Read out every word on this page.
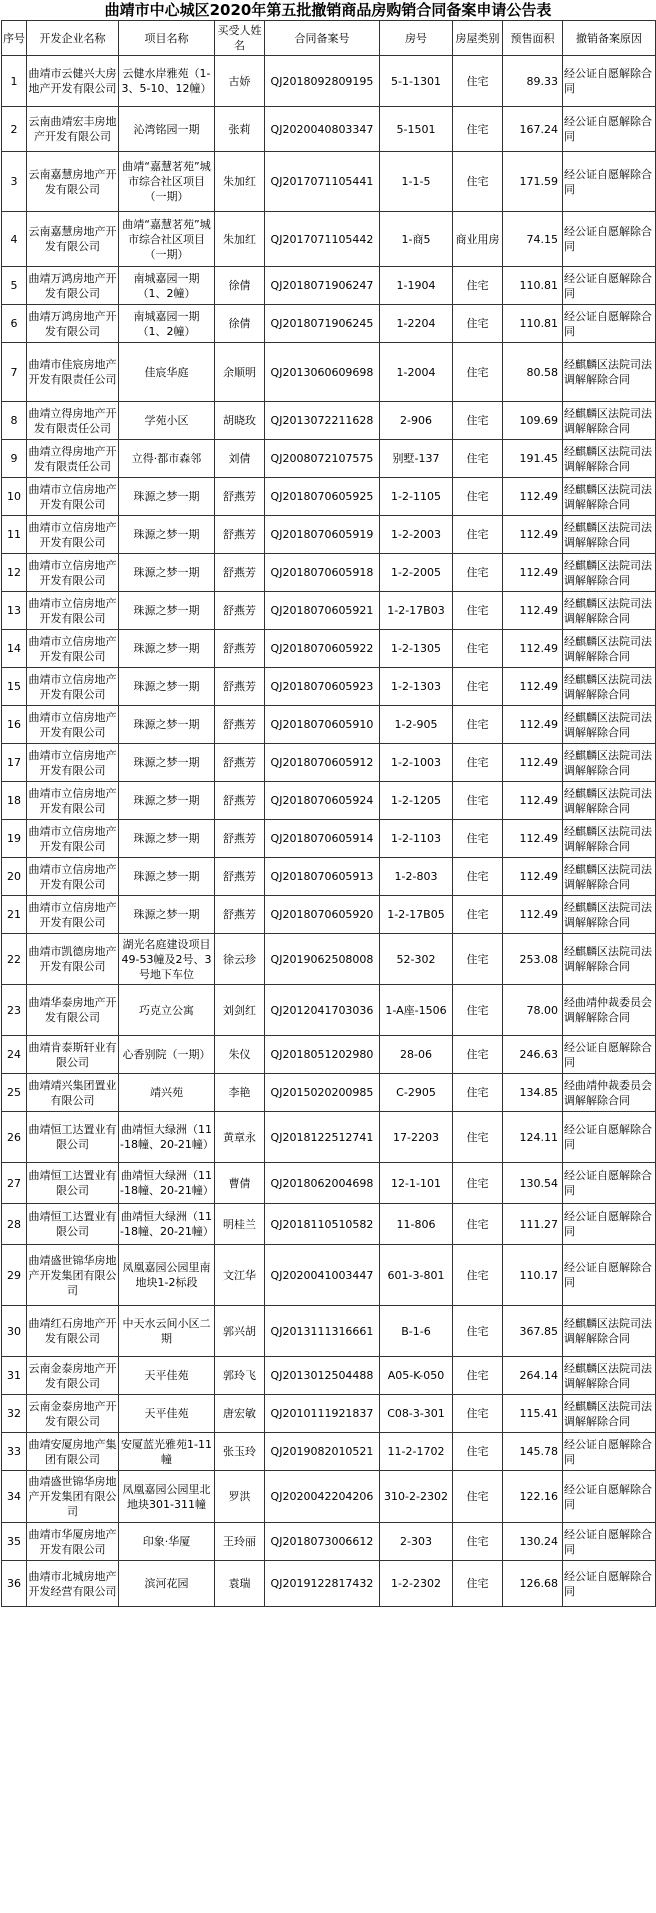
曲靖市中心城区2020年第五批撤销商品房购销合同备案申请公告表
序号	开发企业名称	项目名称	买受人姓名	合同备案号	房号	房屋类别	预售面积	撤销备案原因
1	曲靖市云健兴大房地产开发有限公司	云健水岸雅苑（1-3、5-10、12幢）	古娇	QJ2018092809195	5-1-1301	住宅	89.33	经公证自愿解除合同
2	云南曲靖宏丰房地产开发有限公司	沁湾铭园一期	张莉	QJ2020040803347	5-1501	住宅	167.24	经公证自愿解除合同
3	云南嘉慧房地产开发有限公司	曲靖“嘉慧茗苑”城市综合社区项目（一期）	朱加红	QJ2017071105441	1-1-5	住宅	171.59	经公证自愿解除合同
4	云南嘉慧房地产开发有限公司	曲靖“嘉慧茗苑”城市综合社区项目（一期）	朱加红	QJ2017071105442	1-商5	商业用房	74.15	经公证自愿解除合同
5	曲靖万鸿房地产开发有限公司	南城嘉园一期（1、2幢）	徐倩	QJ2018071906247	1-1904	住宅	110.81	经公证自愿解除合同
6	曲靖万鸿房地产开发有限公司	南城嘉园一期（1、2幢）	徐倩	QJ2018071906245	1-2204	住宅	110.81	经公证自愿解除合同
7	曲靖市佳宸房地产开发有限责任公司	佳宸华庭	余顺明	QJ2013060609698	1-2004	住宅	80.58	经麒麟区法院司法调解解除合同
8	曲靖立得房地产开发有限责任公司	学苑小区	胡晓玫	QJ2013072211628	2-906	住宅	109.69	经麒麟区法院司法调解解除合同
9	曲靖立得房地产开发有限责任公司	立得·都市森邻	刘倩	QJ2008072107575	别墅-137	住宅	191.45	经麒麟区法院司法调解解除合同
10	曲靖市立信房地产开发有限公司	珠源之梦一期	舒燕芳	QJ2018070605925	1-2-1105	住宅	112.49	经麒麟区法院司法调解解除合同
11	曲靖市立信房地产开发有限公司	珠源之梦一期	舒燕芳	QJ2018070605919	1-2-2003	住宅	112.49	经麒麟区法院司法调解解除合同
12	曲靖市立信房地产开发有限公司	珠源之梦一期	舒燕芳	QJ2018070605918	1-2-2005	住宅	112.49	经麒麟区法院司法调解解除合同
13	曲靖市立信房地产开发有限公司	珠源之梦一期	舒燕芳	QJ2018070605921	1-2-17B03	住宅	112.49	经麒麟区法院司法调解解除合同
14	曲靖市立信房地产开发有限公司	珠源之梦一期	舒燕芳	QJ2018070605922	1-2-1305	住宅	112.49	经麒麟区法院司法调解解除合同
15	曲靖市立信房地产开发有限公司	珠源之梦一期	舒燕芳	QJ2018070605923	1-2-1303	住宅	112.49	经麒麟区法院司法调解解除合同
16	曲靖市立信房地产开发有限公司	珠源之梦一期	舒燕芳	QJ2018070605910	1-2-905	住宅	112.49	经麒麟区法院司法调解解除合同
17	曲靖市立信房地产开发有限公司	珠源之梦一期	舒燕芳	QJ2018070605912	1-2-1003	住宅	112.49	经麒麟区法院司法调解解除合同
18	曲靖市立信房地产开发有限公司	珠源之梦一期	舒燕芳	QJ2018070605924	1-2-1205	住宅	112.49	经麒麟区法院司法调解解除合同
19	曲靖市立信房地产开发有限公司	珠源之梦一期	舒燕芳	QJ2018070605914	1-2-1103	住宅	112.49	经麒麟区法院司法调解解除合同
20	曲靖市立信房地产开发有限公司	珠源之梦一期	舒燕芳	QJ2018070605913	1-2-803	住宅	112.49	经麒麟区法院司法调解解除合同
21	曲靖市立信房地产开发有限公司	珠源之梦一期	舒燕芳	QJ2018070605920	1-2-17B05	住宅	112.49	经麒麟区法院司法调解解除合同
22	曲靖市凯德房地产开发有限公司	湖光名庭建设项目49-53幢及2号、3号地下车位	徐云珍	QJ2019062508008	52-302	住宅	253.08	经麒麟区法院司法调解解除合同
23	曲靖华泰房地产开发有限公司	巧克立公寓	刘剑红	QJ2012041703036	1-A座-1506	住宅	78.00	经曲靖仲裁委员会调解解除合同
24	曲靖肯泰斯轩业有限公司	心香别院（一期）	朱仪	QJ2018051202980	28-06	住宅	246.63	经公证自愿解除合同
25	曲靖靖兴集团置业有限公司	靖兴苑	李艳	QJ2015020200985	C-2905	住宅	134.85	经曲靖仲裁委员会调解解除合同
26	曲靖恒工达置业有限公司	曲靖恒大绿洲（11-18幢、20-21幢）	黄章永	QJ2018122512741	17-2203	住宅	124.11	经公证自愿解除合同
27	曲靖恒工达置业有限公司	曲靖恒大绿洲（11-18幢、20-21幢）	曹倩	QJ2018062004698	12-1-101	住宅	130.54	经公证自愿解除合同
28	曲靖恒工达置业有限公司	曲靖恒大绿洲（11-18幢、20-21幢）	明桂兰	QJ2018110510582	11-806	住宅	111.27	经公证自愿解除合同
29	曲靖盛世锦华房地产开发集团有限公司	凤凰嘉园公园里南地块1-2标段	文江华	QJ2020041003447	601-3-801	住宅	110.17	经公证自愿解除合同
30	曲靖红石房地产开发有限公司	中天水云间小区二期	郭兴胡	QJ2013111316661	B-1-6	住宅	367.85	经麒麟区法院司法调解解除合同
31	云南金泰房地产开发有限公司	天平佳苑	郭玲飞	QJ2013012504488	A05-K-050	住宅	264.14	经麒麟区法院司法调解解除合同
32	云南金泰房地产开发有限公司	天平佳苑	唐宏敏	QJ2010111921837	C08-3-301	住宅	115.41	经麒麟区法院司法调解解除合同
33	曲靖安厦房地产集团有限公司	安厦蓝光雅苑1-11幢	张玉玲	QJ2019082010521	11-2-1702	住宅	145.78	经公证自愿解除合同
34	曲靖盛世锦华房地产开发集团有限公司	凤凰嘉园公园里北地块301-311幢	罗洪	QJ2020042204206	310-2-2302	住宅	122.16	经公证自愿解除合同
35	曲靖市华厦房地产开发有限公司	印象·华厦	王玲丽	QJ2018073006612	2-303	住宅	130.24	经公证自愿解除合同
36	曲靖市北城房地产开发经营有限公司	滨河花园	袁瑞	QJ2019122817432	1-2-2302	住宅	126.68	经公证自愿解除合同
